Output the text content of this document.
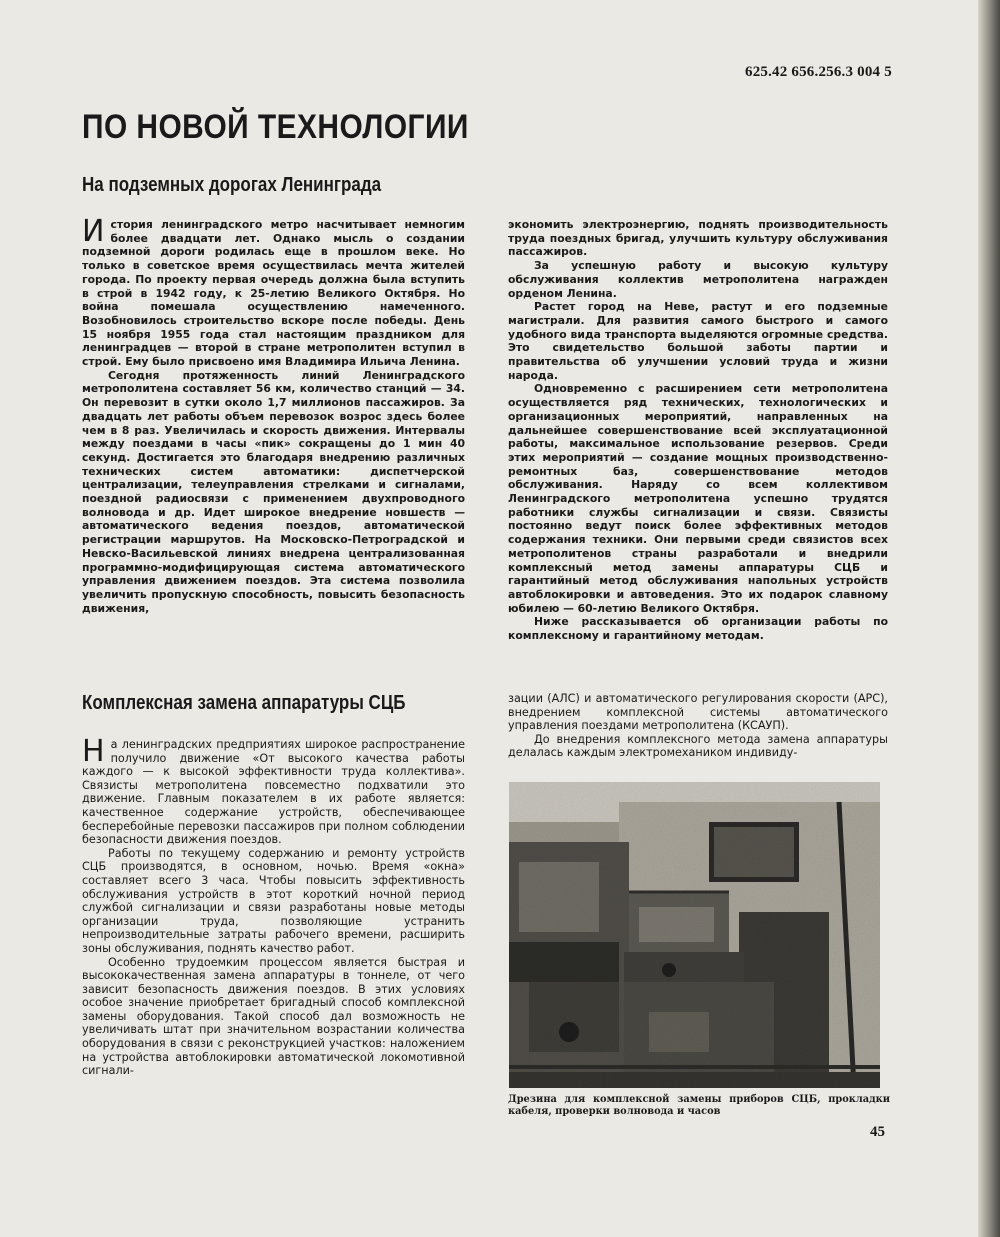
625.42 656.256.3 004 5
ПО НОВОЙ ТЕХНОЛОГИИ
На подземных дорогах Ленинграда

История ленинградского метро насчитывает немногим более двадцати лет. Однако мысль о создании подземной дороги родилась еще в прошлом веке. Но только в советское время осуществилась мечта жителей города. По проекту первая очередь должна была вступить в строй в 1942 году, к 25-летию Великого Октября. Но война помешала осуществлению намеченного. Возобновилось строительство вскоре после победы. День 15 ноября 1955 года стал настоящим праздником для ленинградцев — второй в стране метрополитен вступил в строй. Ему было присвоено имя Владимира Ильича Ленина.

Сегодня протяженность линий Ленинградского метрополитена составляет 56 км, количество станций — 34. Он перевозит в сутки около 1,7 миллионов пассажиров. За двадцать лет работы объем перевозок возрос здесь более чем в 8 раз. Увеличилась и скорость движения. Интервалы между поездами в часы «пик» сокращены до 1 мин 40 секунд. Достигается это благодаря внедрению различных технических систем автоматики: диспетчерской централизации, телеуправления стрелками и сигналами, поездной радиосвязи с применением двухпроводного волновода и др. Идет широкое внедрение новшеств — автоматического ведения поездов, автоматической регистрации маршрутов. На Московско-Петроградской и Невско-Васильевской линиях внедрена централизованная программно-модифицирующая система автоматического управления движением поездов. Эта система позволила увеличить пропускную способность, повысить безопасность движения,

экономить электроэнергию, поднять производительность труда поездных бригад, улучшить культуру обслуживания пассажиров.

За успешную работу и высокую культуру обслуживания коллектив метрополитена награжден орденом Ленина.

Растет город на Неве, растут и его подземные магистрали. Для развития самого быстрого и самого удобного вида транспорта выделяются огромные средства. Это свидетельство большой заботы партии и правительства об улучшении условий труда и жизни народа.

Одновременно с расширением сети метрополитена осуществляется ряд технических, технологических и организационных мероприятий, направленных на дальнейшее совершенствование всей эксплуатационной работы, максимальное использование резервов. Среди этих мероприятий — создание мощных производственно-ремонтных баз, совершенствование методов обслуживания. Наряду со всем коллективом Ленинградского метрополитена успешно трудятся работники службы сигнализации и связи. Связисты постоянно ведут поиск более эффективных методов содержания техники. Они первыми среди связистов всех метрополитенов страны разработали и внедрили комплексный метод замены аппаратуры СЦБ и гарантийный метод обслуживания напольных устройств автоблокировки и автоведения. Это их подарок славному юбилею — 60-летию Великого Октября.

Ниже рассказывается об организации работы по комплексному и гарантийному методам.

Комплексная замена аппаратуры СЦБ

На ленинградских предприятиях широкое распространение получило движение «От высокого качества работы каждого — к высокой эффективности труда коллектива». Связисты метрополитена повсеместно подхватили это движение. Главным показателем в их работе является: качественное содержание устройств, обеспечивающее бесперебойные перевозки пассажиров при полном соблюдении безопасности движения поездов.

Работы по текущему содержанию и ремонту устройств СЦБ производятся, в основном, ночью. Время «окна» составляет всего 3 часа. Чтобы повысить эффективность обслуживания устройств в этот короткий ночной период службой сигнализации и связи разработаны новые методы организации труда, позволяющие устранить непроизводительные затраты рабочего времени, расширить зоны обслуживания, поднять качество работ.

Особенно трудоемким процессом является быстрая и высококачественная замена аппаратуры в тоннеле, от чего зависит безопасность движения поездов. В этих условиях особое значение приобретает бригадный способ комплексной замены оборудования. Такой способ дал возможность не увеличивать штат при значительном возрастании количества оборудования в связи с реконструкцией участков: наложением на устройства автоблокировки автоматической локомотивной сигнали-

зации (АЛС) и автоматического регулирования скорости (АРС), внедрением комплексной системы автоматического управления поездами метрополитена (КСАУП).

До внедрения комплексного метода замена аппаратуры делалась каждым электромехаником индивиду-

Дрезина для комплексной замены приборов СЦБ, прокладки кабеля, проверки волновода и часов
45
